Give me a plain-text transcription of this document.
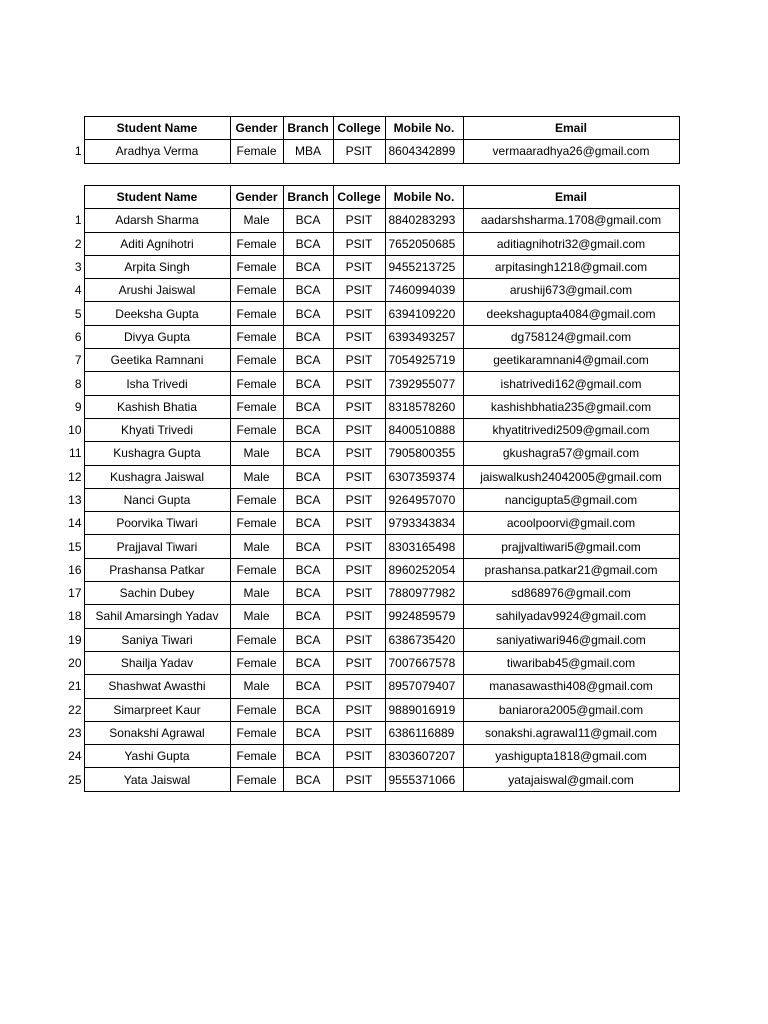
	Student Name	Gender	Branch	College	Mobile No.	Email
1	Aradhya Verma	Female	MBA	PSIT	8604342899	vermaaradhya26@gmail.com
	Student Name	Gender	Branch	College	Mobile No.	Email
1	Adarsh Sharma	Male	BCA	PSIT	8840283293	aadarshsharma.1708@gmail.com
2	Aditi Agnihotri	Female	BCA	PSIT	7652050685	aditiagnihotri32@gmail.com
3	Arpita Singh	Female	BCA	PSIT	9455213725	arpitasingh1218@gmail.com
4	Arushi Jaiswal	Female	BCA	PSIT	7460994039	arushij673@gmail.com
5	Deeksha Gupta	Female	BCA	PSIT	6394109220	deekshagupta4084@gmail.com
6	Divya Gupta	Female	BCA	PSIT	6393493257	dg758124@gmail.com
7	Geetika Ramnani	Female	BCA	PSIT	7054925719	geetikaramnani4@gmail.com
8	Isha Trivedi	Female	BCA	PSIT	7392955077	ishatrivedi162@gmail.com
9	Kashish Bhatia	Female	BCA	PSIT	8318578260	kashishbhatia235@gmail.com
10	Khyati Trivedi	Female	BCA	PSIT	8400510888	khyatitrivedi2509@gmail.com
11	Kushagra Gupta	Male	BCA	PSIT	7905800355	gkushagra57@gmail.com
12	Kushagra Jaiswal	Male	BCA	PSIT	6307359374	jaiswalkush24042005@gmail.com
13	Nanci Gupta	Female	BCA	PSIT	9264957070	nancigupta5@gmail.com
14	Poorvika Tiwari	Female	BCA	PSIT	9793343834	acoolpoorvi@gmail.com
15	Prajjaval Tiwari	Male	BCA	PSIT	8303165498	prajjvaltiwari5@gmail.com
16	Prashansa Patkar	Female	BCA	PSIT	8960252054	prashansa.patkar21@gmail.com
17	Sachin Dubey	Male	BCA	PSIT	7880977982	sd868976@gmail.com
18	Sahil Amarsingh Yadav	Male	BCA	PSIT	9924859579	sahilyadav9924@gmail.com
19	Saniya Tiwari	Female	BCA	PSIT	6386735420	saniyatiwari946@gmail.com
20	Shailja Yadav	Female	BCA	PSIT	7007667578	tiwaribab45@gmail.com
21	Shashwat Awasthi	Male	BCA	PSIT	8957079407	manasawasthi408@gmail.com
22	Simarpreet Kaur	Female	BCA	PSIT	9889016919	baniarora2005@gmail.com
23	Sonakshi Agrawal	Female	BCA	PSIT	6386116889	sonakshi.agrawal11@gmail.com
24	Yashi Gupta	Female	BCA	PSIT	8303607207	yashigupta1818@gmail.com
25	Yata Jaiswal	Female	BCA	PSIT	9555371066	yatajaiswal@gmail.com
